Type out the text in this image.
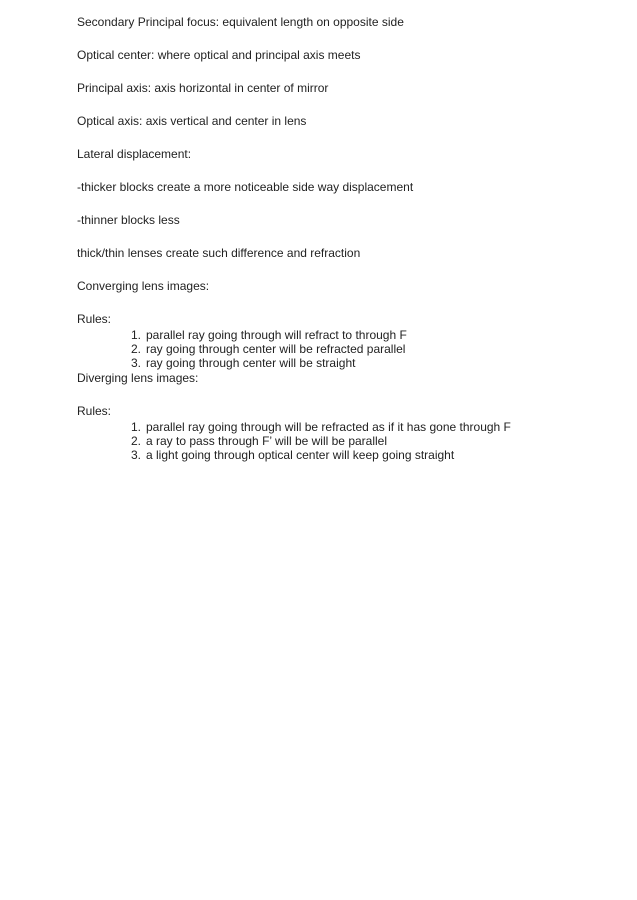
Secondary Principal focus: equivalent length on opposite side

Optical center: where optical and principal axis meets

Principal axis: axis horizontal in center of mirror

Optical axis: axis vertical and center in lens

Lateral displacement:

-thicker blocks create a more noticeable side way displacement

-thinner blocks less

thick/thin lenses create such difference and refraction

Converging lens images:

Rules:

1. parallel ray going through will refract to through F
2. ray going through center will be refracted parallel
3. ray going through center will be straight

Diverging lens images:

Rules:

1. parallel ray going through will be refracted as if it has gone through F
2. a ray to pass through F’ will be will be parallel
3. a light going through optical center will keep going straight
